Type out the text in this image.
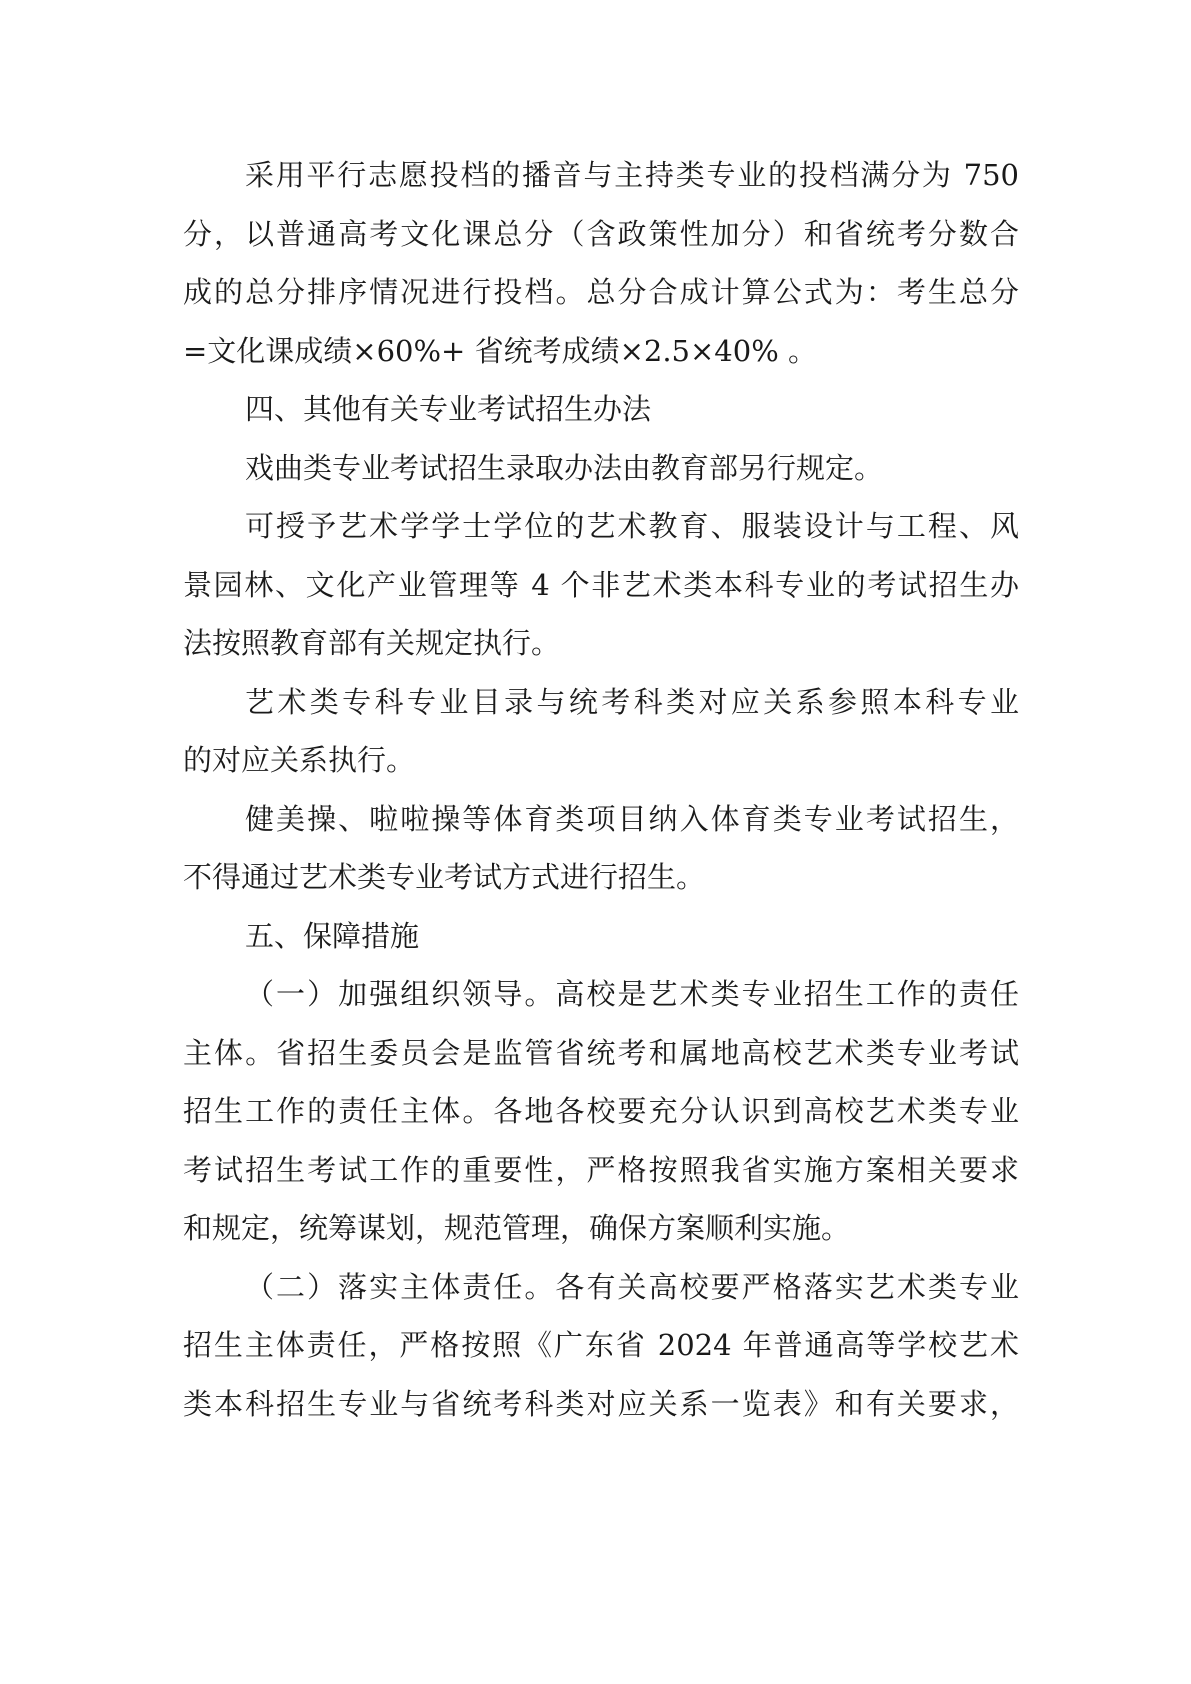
采用平行志愿投档的播音与主持类专业的投档满分为 750
分，以普通高考文化课总分（含政策性加分）和省统考分数合
成的总分排序情况进行投档。总分合成计算公式为：考生总分
=文化课成绩×60%+ 省统考成绩×2.5×40% 。
四、其他有关专业考试招生办法
戏曲类专业考试招生录取办法由教育部另行规定。
可授予艺术学学士学位的艺术教育、服装设计与工程、风
景园林、文化产业管理等 4 个非艺术类本科专业的考试招生办
法按照教育部有关规定执行。
艺术类专科专业目录与统考科类对应关系参照本科专业
的对应关系执行。
健美操、啦啦操等体育类项目纳入体育类专业考试招生，
不得通过艺术类专业考试方式进行招生。
五、保障措施
（一）加强组织领导。高校是艺术类专业招生工作的责任
主体。省招生委员会是监管省统考和属地高校艺术类专业考试
招生工作的责任主体。各地各校要充分认识到高校艺术类专业
考试招生考试工作的重要性，严格按照我省实施方案相关要求
和规定，统筹谋划，规范管理，确保方案顺利实施。
（二）落实主体责任。各有关高校要严格落实艺术类专业
招生主体责任，严格按照《广东省 2024 年普通高等学校艺术
类本科招生专业与省统考科类对应关系一览表》和有关要求，
